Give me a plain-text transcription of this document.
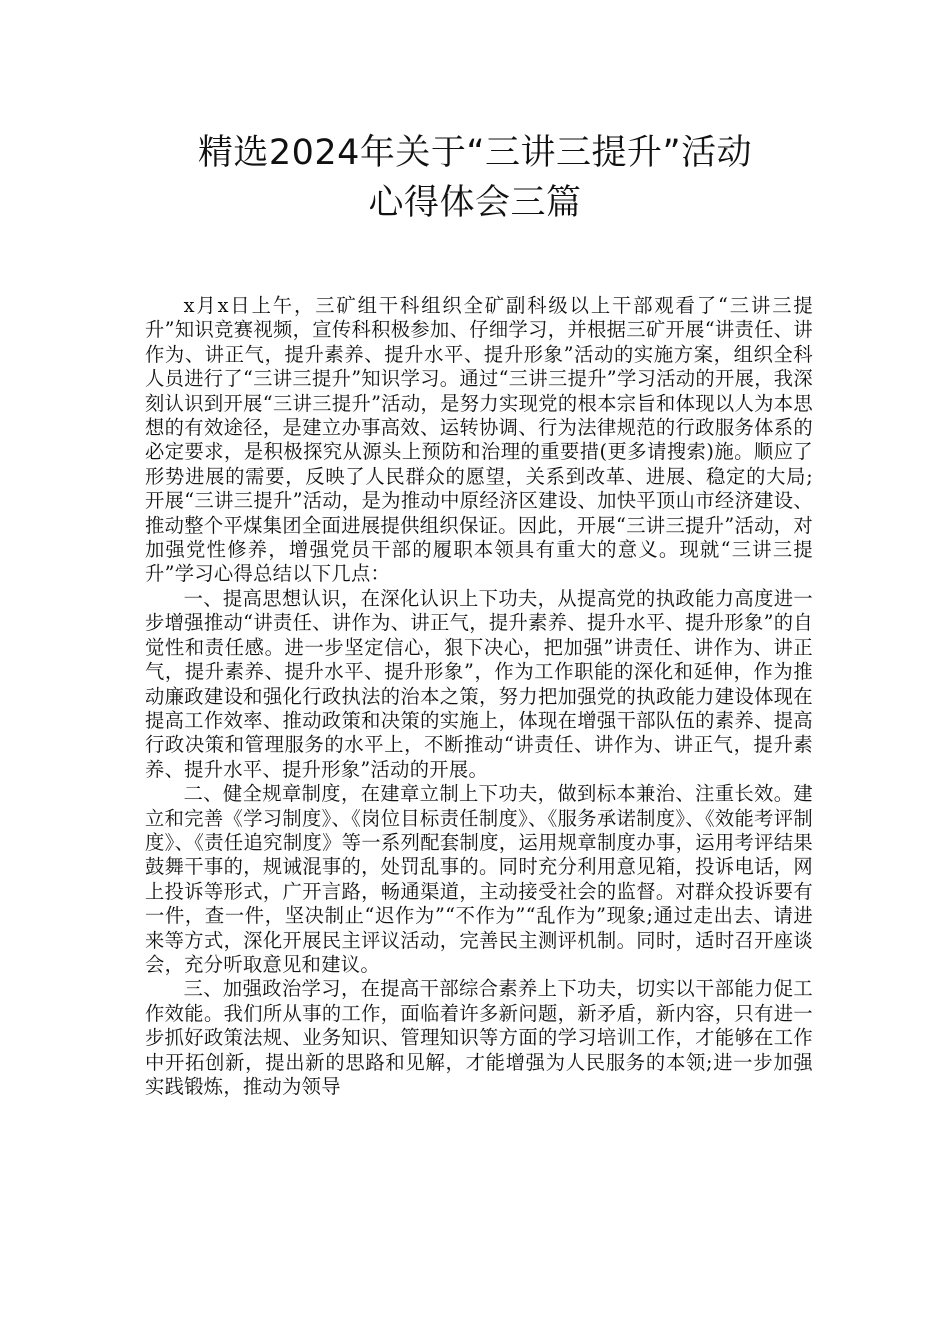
精选2024年关于“三讲三提升”活动
心得体会三篇

x月x日上午，三矿组干科组织全矿副科级以上干部观看了“三讲三提升”知识竞赛视频，宣传科积极参加、仔细学习，并根据三矿开展“讲责任、讲作为、讲正气，提升素养、提升水平、提升形象”活动的实施方案，组织全科人员进行了“三讲三提升”知识学习。通过“三讲三提升”学习活动的开展，我深刻认识到开展“三讲三提升”活动，是努力实现党的根本宗旨和体现以人为本思想的有效途径，是建立办事高效、运转协调、行为法律规范的行政服务体系的必定要求，是积极探究从源头上预防和治理的重要措(更多请搜索)施。顺应了形势进展的需要，反映了人民群众的愿望，关系到改革、进展、稳定的大局;开展“三讲三提升”活动，是为推动中原经济区建设、加快平顶山市经济建设、推动整个平煤集团全面进展提供组织保证。因此，开展“三讲三提升”活动，对加强党性修养，增强党员干部的履职本领具有重大的意义。现就“三讲三提升”学习心得总结以下几点：

一、提高思想认识，在深化认识上下功夫，从提高党的执政能力高度进一步增强推动“讲责任、讲作为、讲正气，提升素养、提升水平、提升形象”的自觉性和责任感。进一步坚定信心，狠下决心，把加强”讲责任、讲作为、讲正气，提升素养、提升水平、提升形象”，作为工作职能的深化和延伸，作为推动廉政建设和强化行政执法的治本之策，努力把加强党的执政能力建设体现在提高工作效率、推动政策和决策的实施上，体现在增强干部队伍的素养、提高行政决策和管理服务的水平上，不断推动“讲责任、讲作为、讲正气，提升素养、提升水平、提升形象”活动的开展。

二、健全规章制度，在建章立制上下功夫，做到标本兼治、注重长效。建立和完善《学习制度》、《岗位目标责任制度》、《服务承诺制度》、《效能考评制度》、《责任追究制度》等一系列配套制度，运用规章制度办事，运用考评结果鼓舞干事的，规诫混事的，处罚乱事的。同时充分利用意见箱，投诉电话，网上投诉等形式，广开言路，畅通渠道，主动接受社会的监督。对群众投诉要有一件，查一件，坚决制止“迟作为”“不作为”“乱作为”现象;通过走出去、请进来等方式，深化开展民主评议活动，完善民主测评机制。同时，适时召开座谈会，充分听取意见和建议。

三、加强政治学习，在提高干部综合素养上下功夫，切实以干部能力促工作效能。我们所从事的工作，面临着许多新问题，新矛盾，新内容，只有进一步抓好政策法规、业务知识、管理知识等方面的学习培训工作，才能够在工作中开拓创新，提出新的思路和见解，才能增强为人民服务的本领;进一步加强实践锻炼，推动为领导
